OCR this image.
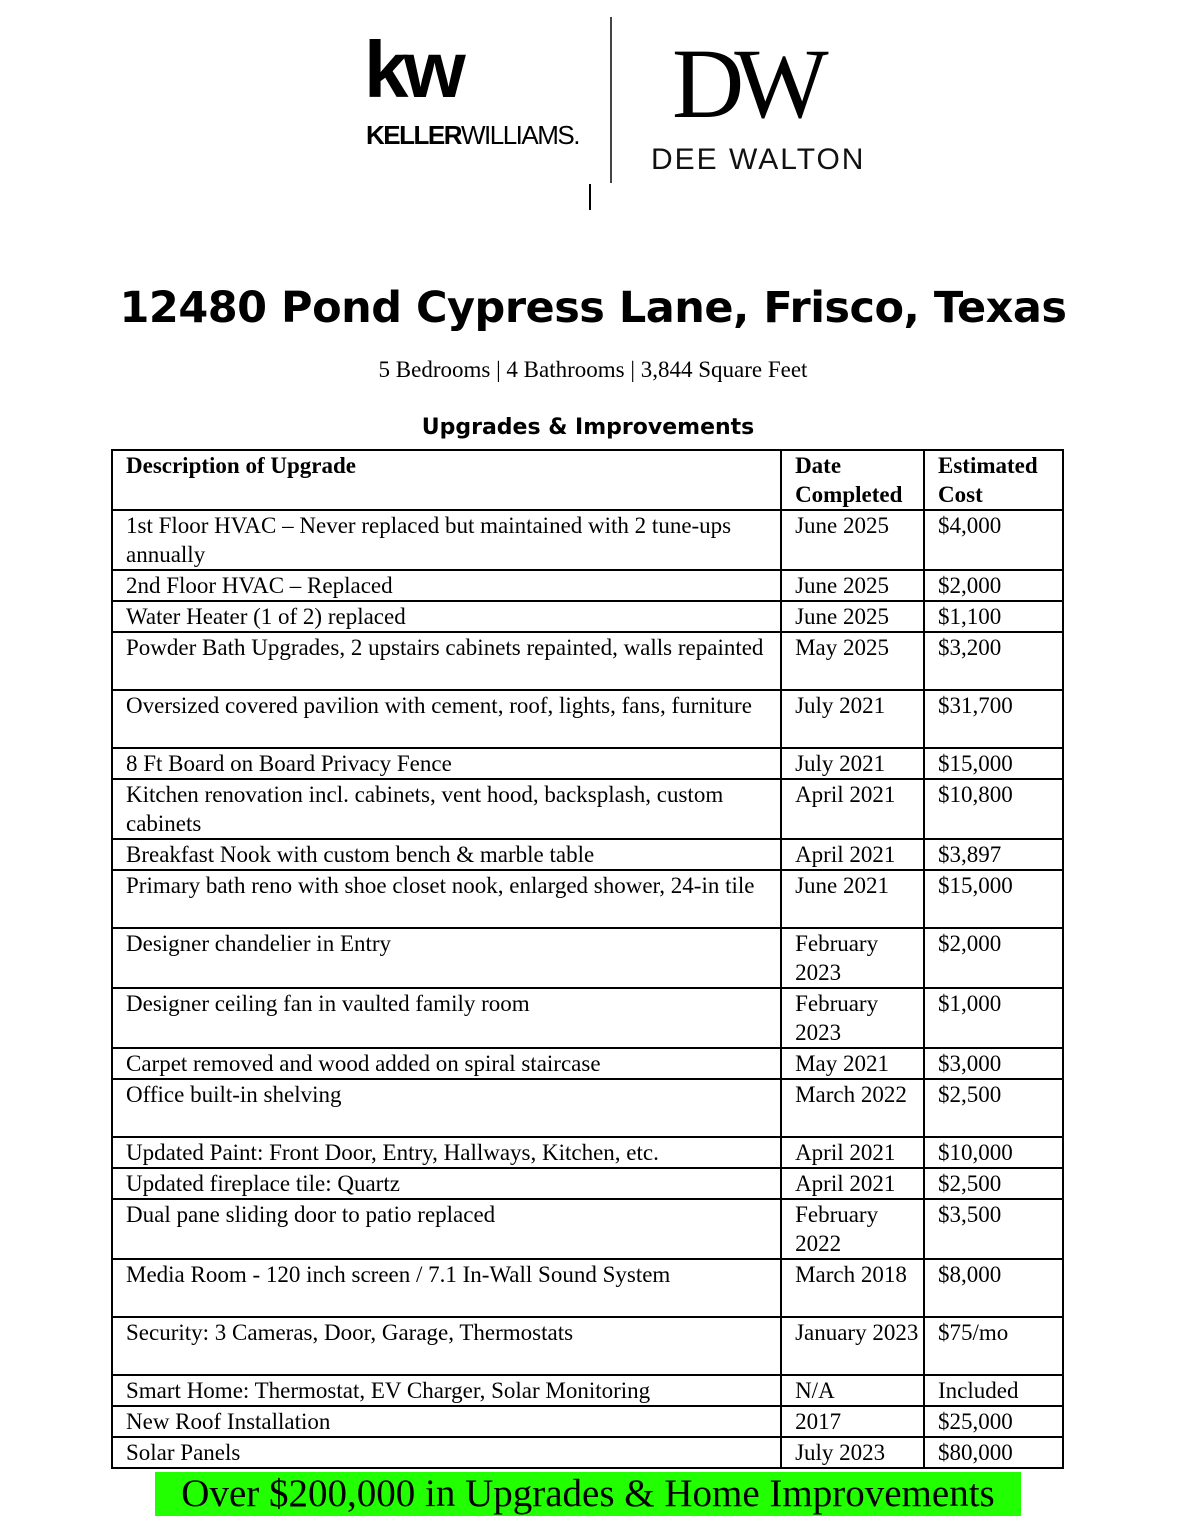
kw
KELLERWILLIAMS. DW
DEE WALTON
12480 Pond Cypress Lane, Frisco, Texas
5 Bedrooms | 4 Bathrooms | 3,844 Square Feet
Upgrades & Improvements
Description of Upgrade	Date Completed	Estimated Cost
1st Floor HVAC – Never replaced but maintained with 2 tune-ups annually	June 2025	$4,000
2nd Floor HVAC – Replaced	June 2025	$2,000
Water Heater (1 of 2) replaced	June 2025	$1,100
Powder Bath Upgrades, 2 upstairs cabinets repainted, walls repainted	May 2025	$3,200
Oversized covered pavilion with cement, roof, lights, fans, furniture	July 2021	$31,700
8 Ft Board on Board Privacy Fence	July 2021	$15,000
Kitchen renovation incl. cabinets, vent hood, backsplash, custom cabinets	April 2021	$10,800
Breakfast Nook with custom bench & marble table	April 2021	$3,897
Primary bath reno with shoe closet nook, enlarged shower, 24-in tile	June 2021	$15,000
Designer chandelier in Entry	February 2023	$2,000
Designer ceiling fan in vaulted family room	February 2023	$1,000
Carpet removed and wood added on spiral staircase	May 2021	$3,000
Office built-in shelving	March 2022	$2,500
Updated Paint: Front Door, Entry, Hallways, Kitchen, etc.	April 2021	$10,000
Updated fireplace tile: Quartz	April 2021	$2,500
Dual pane sliding door to patio replaced	February 2022	$3,500
Media Room - 120 inch screen / 7.1 In-Wall Sound System	March 2018	$8,000
Security: 3 Cameras, Door, Garage, Thermostats	January 2023	$75/mo
Smart Home: Thermostat, EV Charger, Solar Monitoring	N/A	Included
New Roof Installation	2017	$25,000
Solar Panels	July 2023	$80,000
Over $200,000 in Upgrades & Home Improvements
